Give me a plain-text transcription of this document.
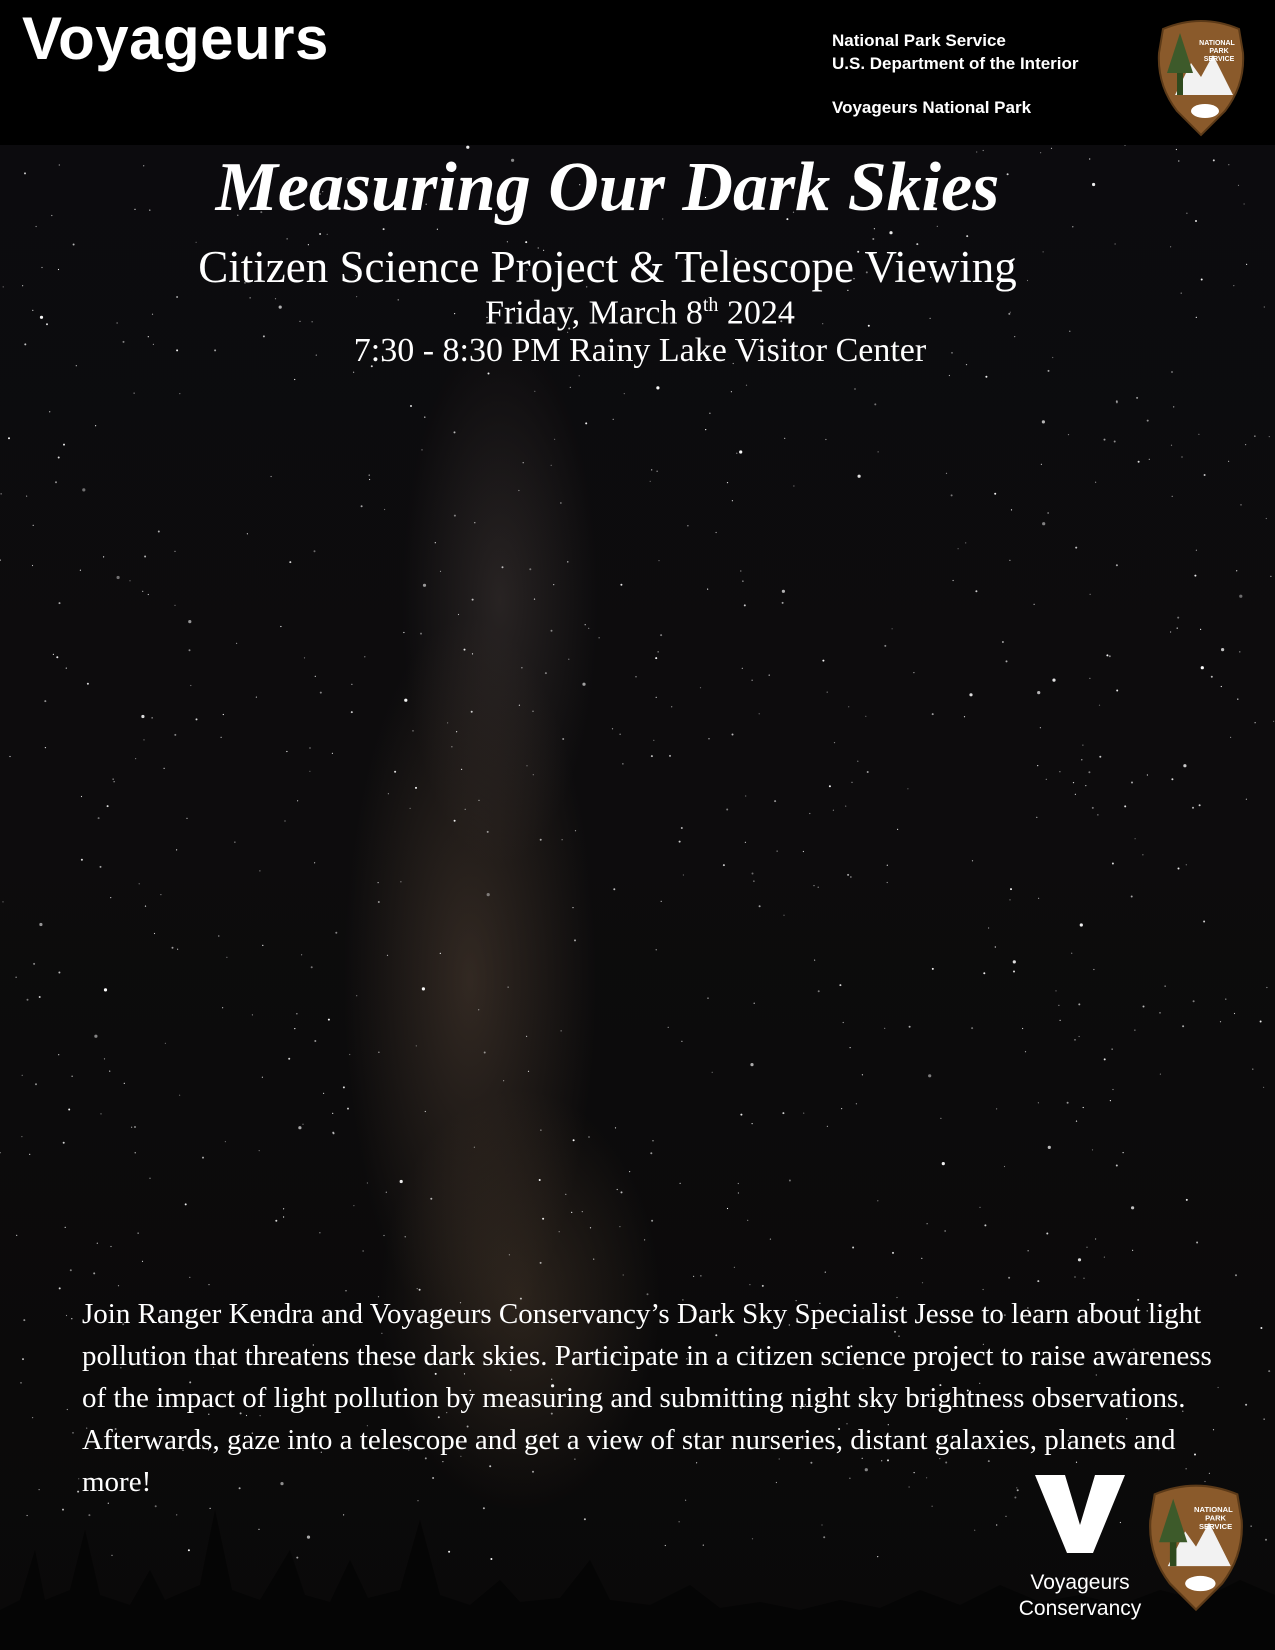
Voyageurs	National Park Service
U.S. Department of the Interior
Voyageurs National Park
NATIONAL
PARK
SERVICE
Measuring Our Dark Skies
Citizen Science Project & Telescope Viewing
Friday, March 8th 2024
7:30 - 8:30 PM Rainy Lake Visitor Center
Join Ranger Kendra and Voyageurs Conservancy’s Dark Sky Specialist Jesse to learn about light pollution that threatens these dark skies. Participate in a citizen science project to raise awareness of the impact of light pollution by measuring and submitting night sky brightness observations. Afterwards, gaze into a telescope and get a view of star nurseries, distant galaxies, planets and more!
Voyageurs
Conservancy
NATIONAL
PARK
SERVICE
